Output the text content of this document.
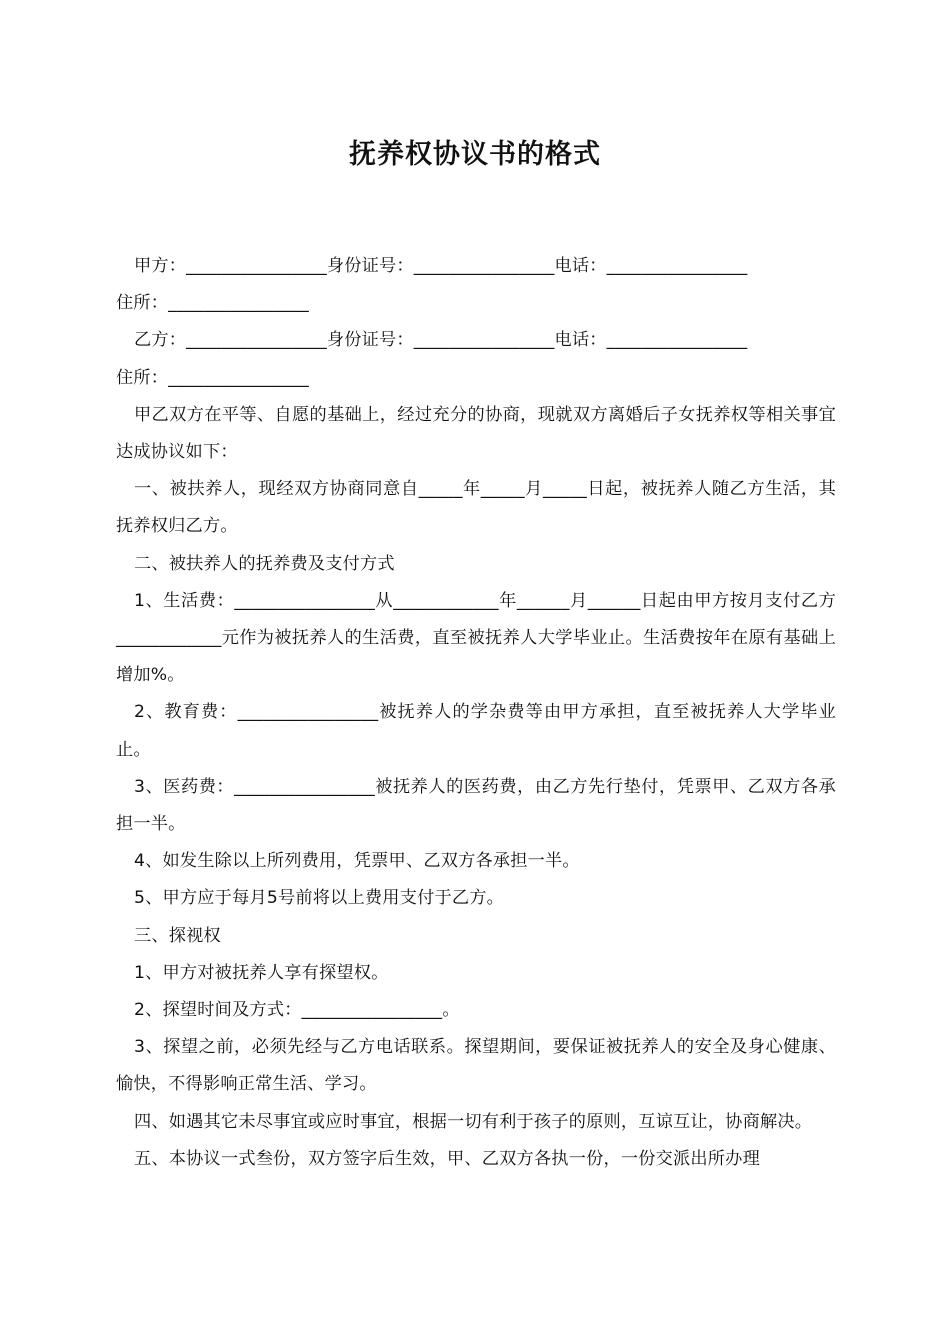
抚养权协议书的格式

甲方：________________身份证号：________________电话：________________

住所：________________

乙方：________________身份证号：________________电话：________________

住所：________________

甲乙双方在平等、自愿的基础上，经过充分的协商，现就双方离婚后子女抚养权等相关事宜达成协议如下：

一、被扶养人，现经双方协商同意自_____年_____月_____日起，被抚养人随乙方生活，其抚养权归乙方。

二、被扶养人的抚养费及支付方式

1、生活费：________________从____________年______月______日起由甲方按月支付乙方____________元作为被抚养人的生活费，直至被抚养人大学毕业止。生活费按年在原有基础上增加%。

2、教育费：________________被抚养人的学杂费等由甲方承担，直至被抚养人大学毕业止。

3、医药费：________________被抚养人的医药费，由乙方先行垫付，凭票甲、乙双方各承担一半。

4、如发生除以上所列费用，凭票甲、乙双方各承担一半。

5、甲方应于每月5号前将以上费用支付于乙方。

三、探视权

1、甲方对被抚养人享有探望权。

2、探望时间及方式：________________。

3、探望之前，必须先经与乙方电话联系。探望期间，要保证被抚养人的安全及身心健康、愉快，不得影响正常生活、学习。

四、如遇其它未尽事宜或应时事宜，根据一切有利于孩子的原则，互谅互让，协商解决。

五、本协议一式叁份，双方签字后生效，甲、乙双方各执一份，一份交派出所办理
